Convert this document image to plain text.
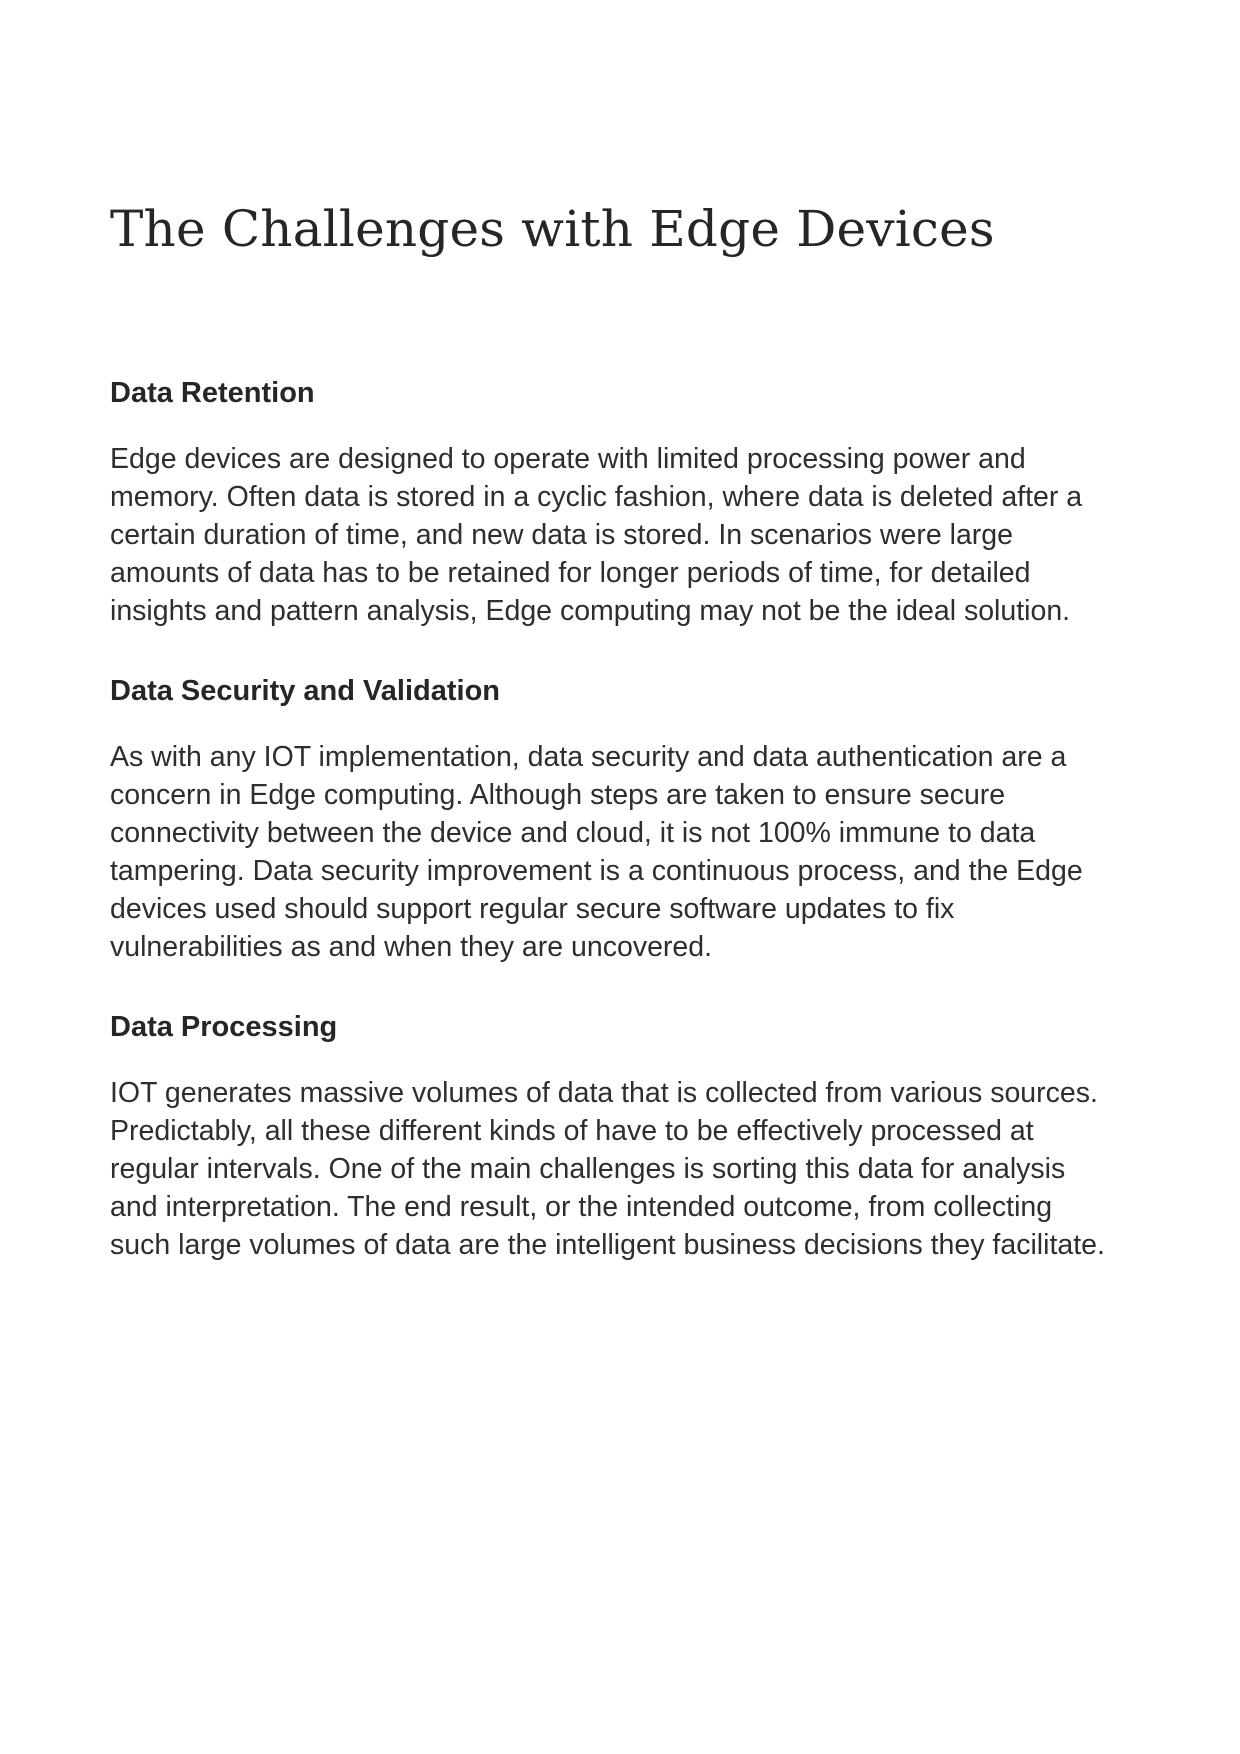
The Challenges with Edge Devices
Data Retention

Edge devices are designed to operate with limited processing power and memory. Often data is stored in a cyclic fashion, where data is deleted after a certain duration of time, and new data is stored. In scenarios were large amounts of data has to be retained for longer periods of time, for detailed insights and pattern analysis, Edge computing may not be the ideal solution.

Data Security and Validation

As with any IOT implementation, data security and data authentication are a concern in Edge computing. Although steps are taken to ensure secure connectivity between the device and cloud, it is not 100% immune to data tampering. Data security improvement is a continuous process, and the Edge devices used should support regular secure software updates to fix vulnerabilities as and when they are uncovered.

Data Processing

IOT generates massive volumes of data that is collected from various sources. Predictably, all these different kinds of have to be effectively processed at regular intervals. One of the main challenges is sorting this data for analysis and interpretation. The end result, or the intended outcome, from collecting such large volumes of data are the intelligent business decisions they facilitate.
